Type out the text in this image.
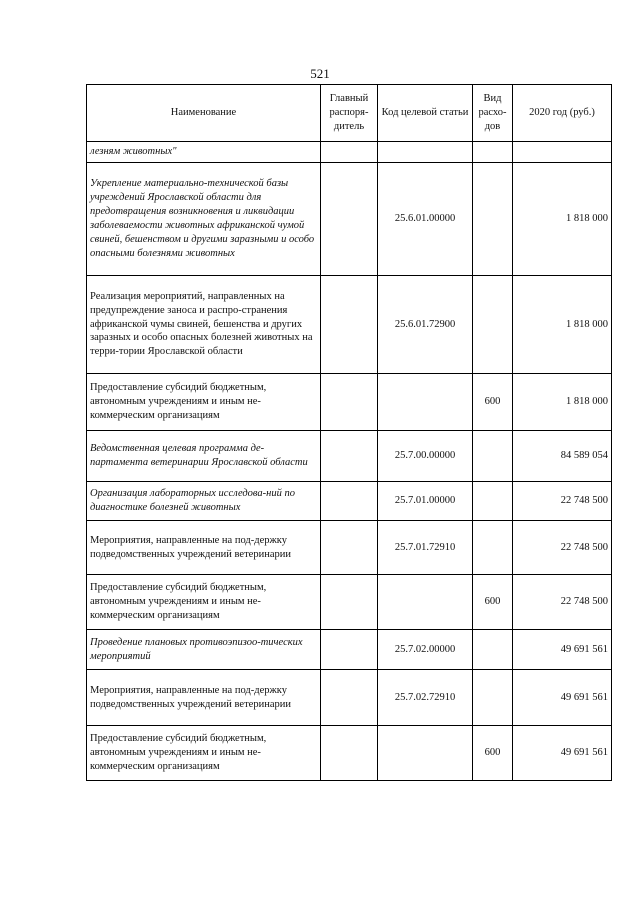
521
Наименование	Главный распоря-дитель	Код целевой статьи	Вид расхо-дов	2020 год (руб.)
лезням животных"				
Укрепление материально-технической базы учреждений Ярославской области для предотвращения возникновения и ликвидации заболеваемости животных африканской чумой свиней, бешенством и другими заразными и особо опасными болезнями животных		25.6.01.00000		1 818 000
Реализация мероприятий, направленных на предупреждение заноса и распро-странения африканской чумы свиней, бешенства и других заразных и особо опасных болезней животных на терри-тории Ярославской области		25.6.01.72900		1 818 000
Предоставление субсидий бюджетным, автономным учреждениям и иным не-коммерческим организациям			600	1 818 000
Ведомственная целевая программа де-партамента ветеринарии Ярославской области		25.7.00.00000		84 589 054
Организация лабораторных исследова-ний по диагностике болезней животных		25.7.01.00000		22 748 500
Мероприятия, направленные на под-держку подведомственных учреждений ветеринарии		25.7.01.72910		22 748 500
Предоставление субсидий бюджетным, автономным учреждениям и иным не-коммерческим организациям			600	22 748 500
Проведение плановых противоэпизоо-тических мероприятий		25.7.02.00000		49 691 561
Мероприятия, направленные на под-держку подведомственных учреждений ветеринарии		25.7.02.72910		49 691 561
Предоставление субсидий бюджетным, автономным учреждениям и иным не-коммерческим организациям			600	49 691 561
